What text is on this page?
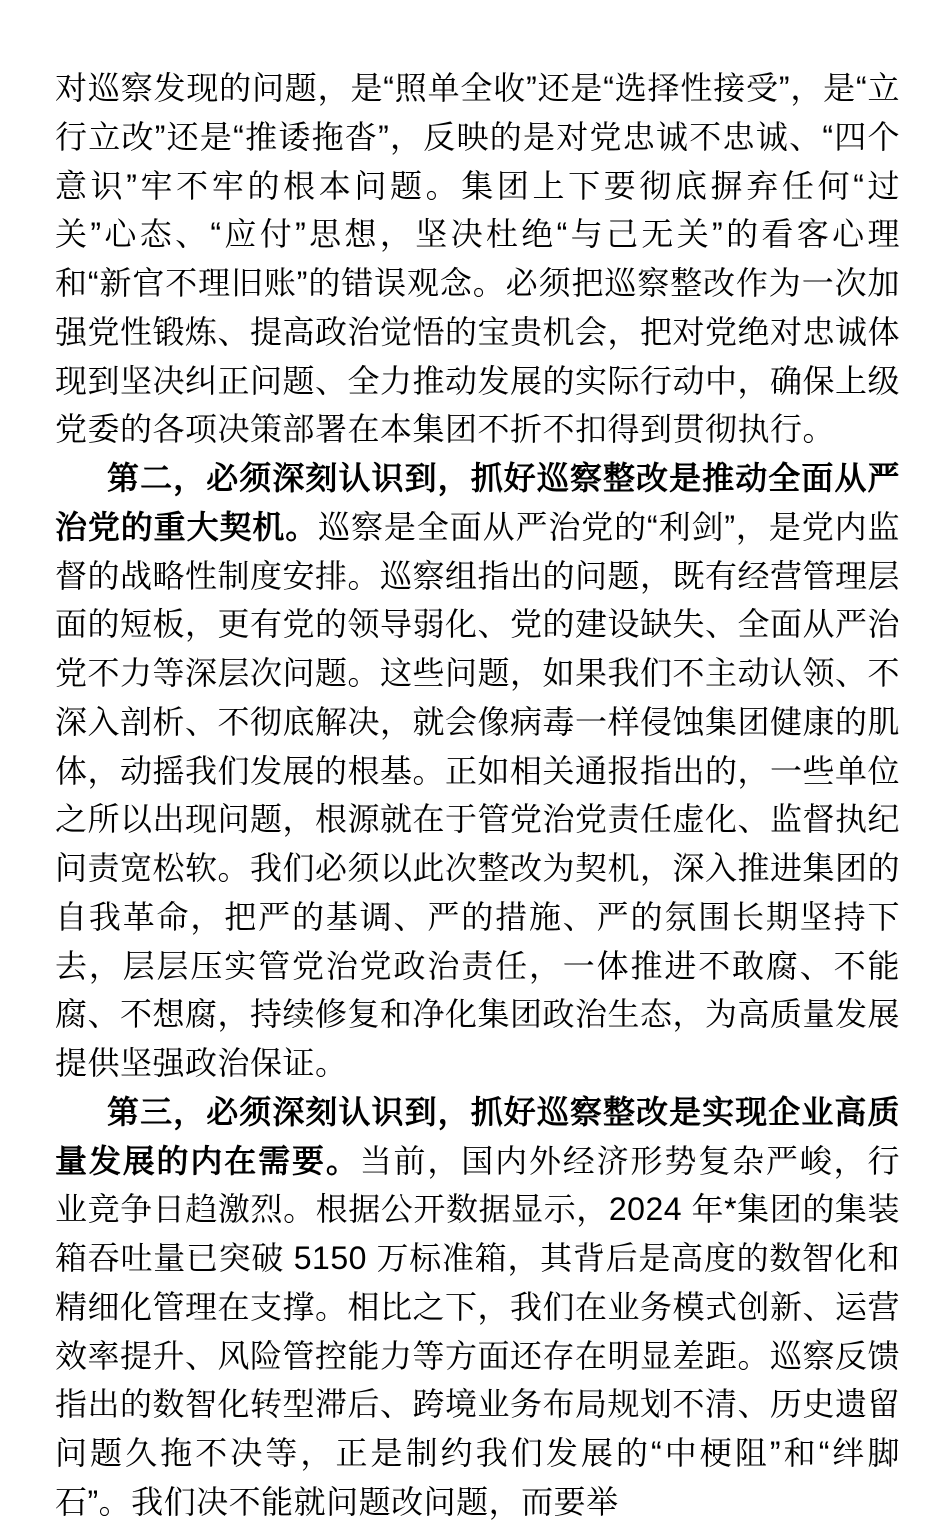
对巡察发现的问题，是“照单全收”还是“选择性接受”，是“立行立改”还是“推诿拖沓”，反映的是对党忠诚不忠诚、“四个意识”牢不牢的根本问题。集团上下要彻底摒弃任何“过关”心态、“应付”思想，坚决杜绝“与己无关”的看客心理和“新官不理旧账”的错误观念。必须把巡察整改作为一次加强党性锻炼、提高政治觉悟的宝贵机会，把对党绝对忠诚体现到坚决纠正问题、全力推动发展的实际行动中，确保上级党委的各项决策部署在本集团不折不扣得到贯彻执行。

第二，必须深刻认识到，抓好巡察整改是推动全面从严治党的重大契机。巡察是全面从严治党的“利剑”，是党内监督的战略性制度安排。巡察组指出的问题，既有经营管理层面的短板，更有党的领导弱化、党的建设缺失、全面从严治党不力等深层次问题。这些问题，如果我们不主动认领、不深入剖析、不彻底解决，就会像病毒一样侵蚀集团健康的肌体，动摇我们发展的根基。正如相关通报指出的，一些单位之所以出现问题，根源就在于管党治党责任虚化、监督执纪问责宽松软。我们必须以此次整改为契机，深入推进集团的自我革命，把严的基调、严的措施、严的氛围长期坚持下去，层层压实管党治党政治责任，一体推进不敢腐、不能腐、不想腐，持续修复和净化集团政治生态，为高质量发展提供坚强政治保证。

第三，必须深刻认识到，抓好巡察整改是实现企业高质量发展的内在需要。当前，国内外经济形势复杂严峻，行业竞争日趋激烈。根据公开数据显示，2024 年*集团的集装箱吞吐量已突破 5150 万标准箱，其背后是高度的数智化和精细化管理在支撑。相比之下，我们在业务模式创新、运营效率提升、风险管控能力等方面还存在明显差距。巡察反馈指出的数智化转型滞后、跨境业务布局规划不清、历史遗留问题久拖不决等，正是制约我们发展的“中梗阻”和“绊脚石”。我们决不能就问题改问题，而要举
